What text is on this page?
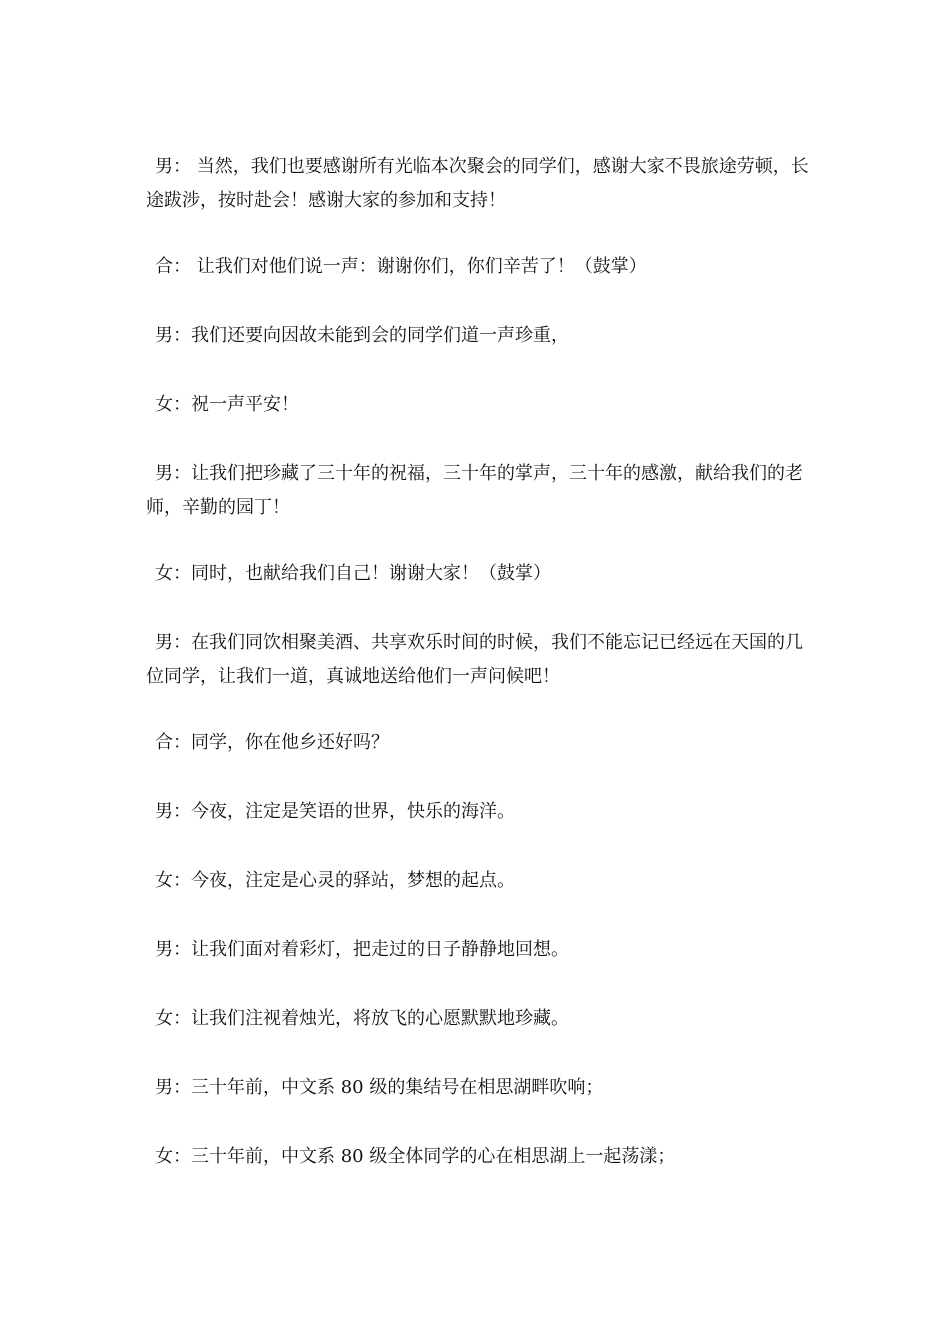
男： 当然，我们也要感谢所有光临本次聚会的同学们，感谢大家不畏旅途劳顿，长途跋涉，按时赴会！感谢大家的参加和支持！

合： 让我们对他们说一声：谢谢你们，你们辛苦了！（鼓掌）

男：我们还要向因故未能到会的同学们道一声珍重，

女：祝一声平安！

男：让我们把珍藏了三十年的祝福，三十年的掌声，三十年的感激，献给我们的老师，辛勤的园丁！

女：同时，也献给我们自己！谢谢大家！（鼓掌）

男：在我们同饮相聚美酒、共享欢乐时间的时候，我们不能忘记已经远在天国的几位同学，让我们一道，真诚地送给他们一声问候吧！

合：同学，你在他乡还好吗？

男：今夜，注定是笑语的世界，快乐的海洋。

女：今夜，注定是心灵的驿站，梦想的起点。

男：让我们面对着彩灯，把走过的日子静静地回想。

女：让我们注视着烛光，将放飞的心愿默默地珍藏。

男：三十年前，中文系 80 级的集结号在相思湖畔吹响；

女：三十年前，中文系 80 级全体同学的心在相思湖上一起荡漾；
